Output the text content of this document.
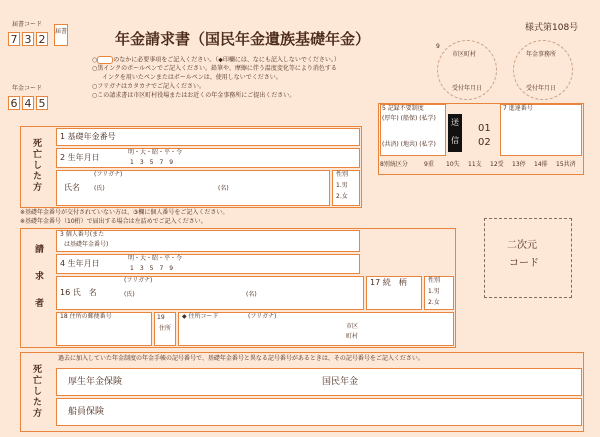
届書コード
7 3 2
届書
年金コード
6 4 5
年金請求書（国民年金遺族基礎年金）
様式第108号
○	のなかに必要事項をご記入ください。（◆印欄には、なにも記入しないでください。）
○黒インクのボールペンでご記入ください。鉛筆や、摩擦に伴う温度変化等により消色する
インクを用いたペンまたはボールペンは、使用しないでください。
○フリガナはカタカナでご記入ください。
○この請求書は市区町村役場またはお近くの年金事務所にご提出ください。
9
市区町村
受付年月日
年金事務所
受付年月日
5 記録不要制度
(厚年) (船保) (私学)
(共済) (地共) (私学)
送信
01
02
7 進達番号
8別統区分	9重 10失 11支 12受 13停 14排 15共済
死亡した方
1 基礎年金番号
2 生年月日
明・大・昭・平・令
1　3　5　7　9
氏名
(フリガナ)
(氏)	(名)
性別
1.男
2.女
※基礎年金番号が交付されていない方は、③欄に個人番号をご記入ください。
※基礎年金番号（10桁）で届出する場合は左詰めでご記入ください。
請求者
3 個人番号(また
は基礎年金番号)
4 生年月日
明・大・昭・平・令
1　3　5　7　9
16 氏　名
(フリガナ)
(氏)	(名)
17 続　柄	性別
1.男
2.女
18 住所の郵便番号	19
住所
◆ 住所コード	(フリガナ)
市区
町村
二次元
コード
死亡した方
過去に加入していた年金制度の年金手帳の記号番号で、基礎年金番号と異なる記号番号があるときは、その記号番号をご記入ください。
厚生年金保険	国民年金
船員保険
